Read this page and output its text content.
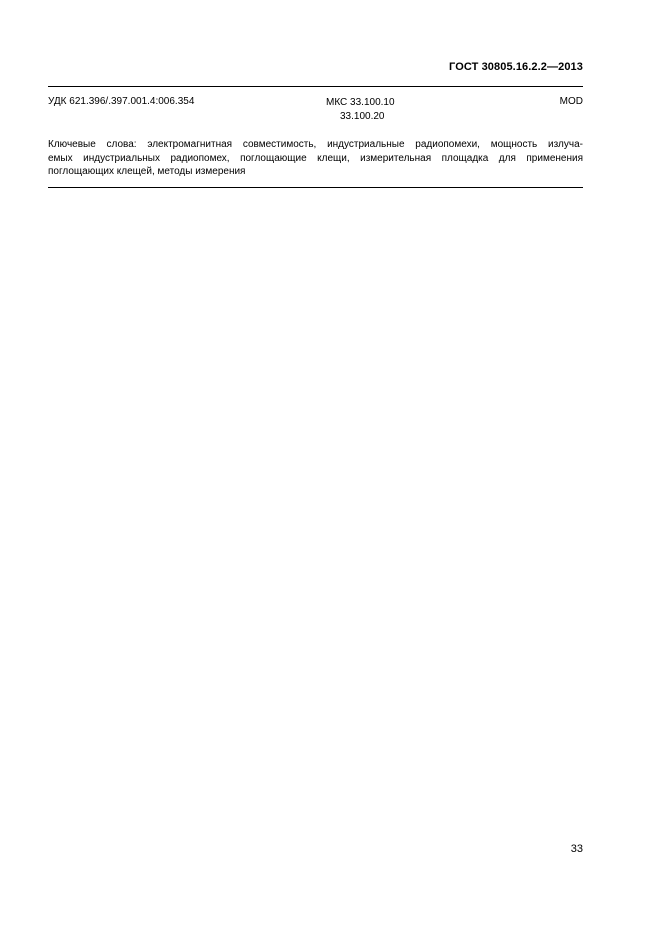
ГОСТ 30805.16.2.2—2013
УДК 621.396/.397.001.4:006.354	МКС 33.100.10
33.100.20
MOD
Ключевые слова: электромагнитная совместимость, индустриальные радиопомехи, мощность излуча-
емых индустриальных радиопомех, поглощающие клещи, измерительная площадка для применения
поглощающих клещей, методы измерения
33
